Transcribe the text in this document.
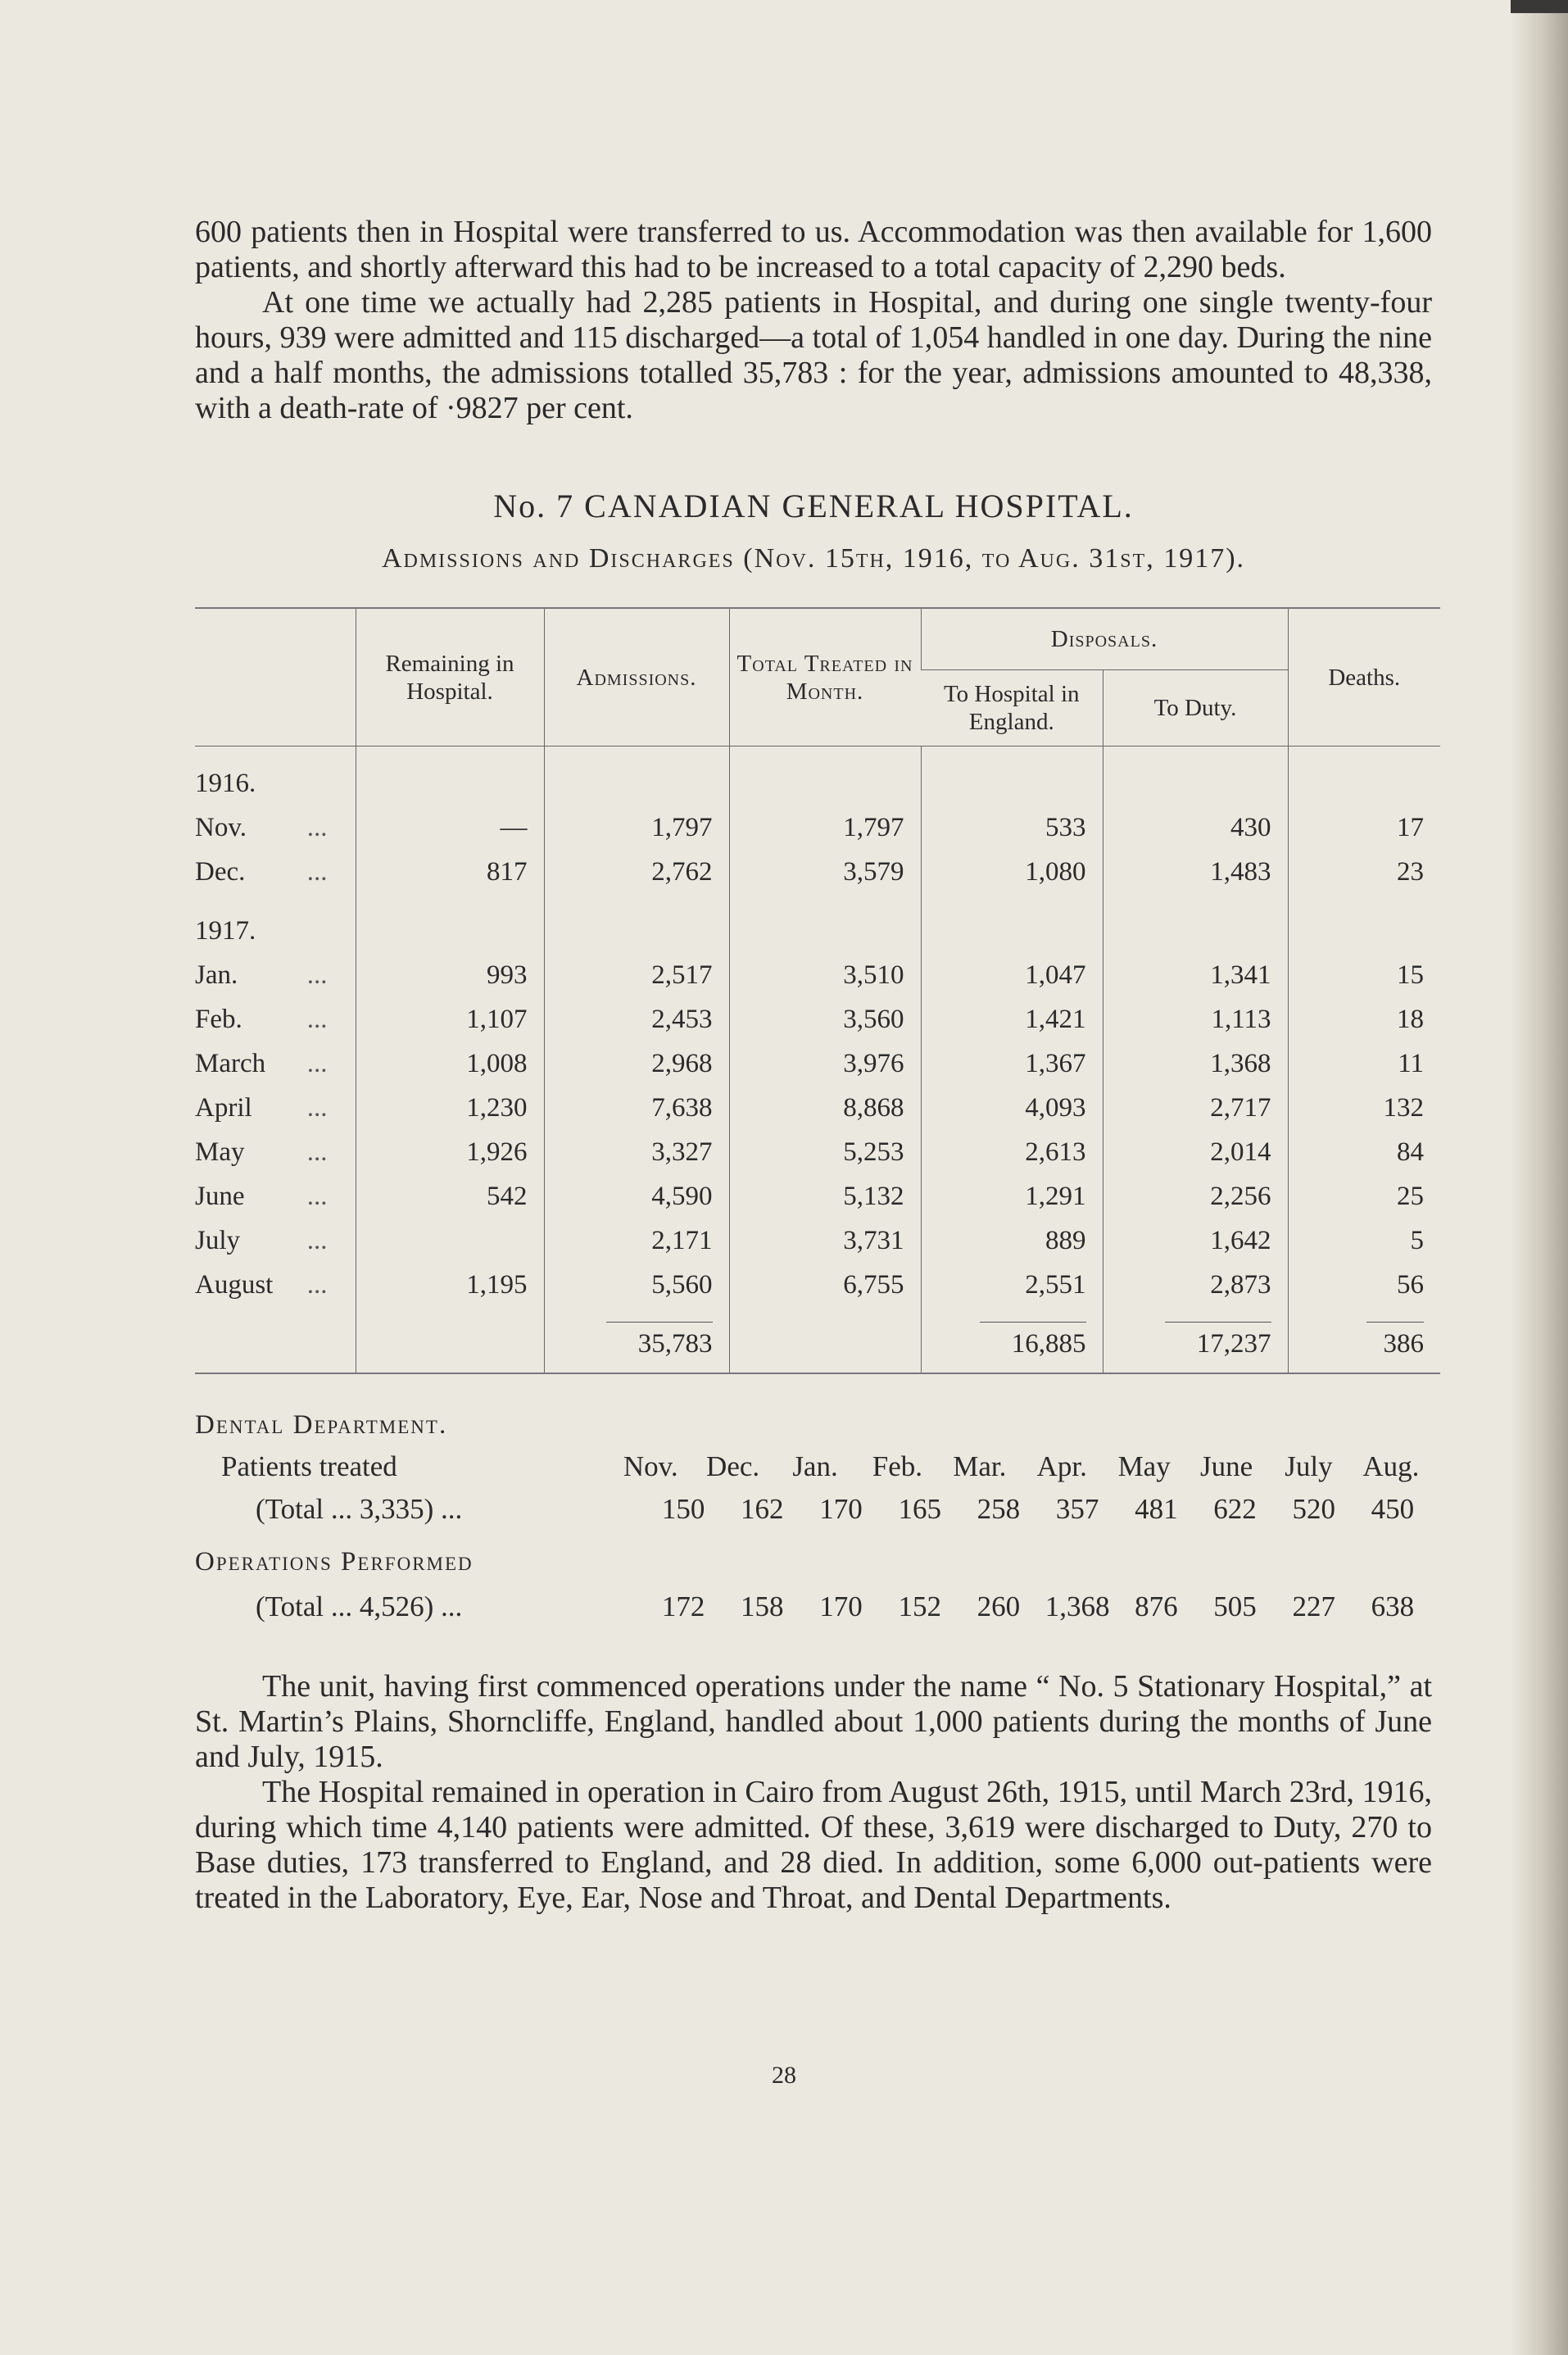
600 patients then in Hospital were transferred to us. Accommodation was then available for 1,600 patients, and shortly afterward this had to be increased to a total capacity of 2,290 beds.

At one time we actually had 2,285 patients in Hospital, and during one single twenty-four hours, 939 were admitted and 115 discharged—a total of 1,054 handled in one day. During the nine and a half months, the admissions totalled 35,783 : for the year, admissions amounted to 48,338, with a death-rate of ·9827 per cent.

No. 7 CANADIAN GENERAL HOSPITAL.
Admissions and Discharges (Nov. 15th, 1916, to Aug. 31st, 1917).
	Remaining in Hospital.	Admissions.	Total Treated in Month.	Disposals.		Deaths.
				To Hospital in England.	To Duty.	
1916.						
Nov. ...	—	1,797	1,797	533	430	17
Dec. ...	817	2,762	3,579	1,080	1,483	23
1917.						
Jan. ...	993	2,517	3,510	1,047	1,341	15
Feb. ...	1,107	2,453	3,560	1,421	1,113	18
March ...	1,008	2,968	3,976	1,367	1,368	11
April ...	1,230	7,638	8,868	4,093	2,717	132
May ...	1,926	3,327	5,253	2,613	2,014	84
June ...	542	4,590	5,132	1,291	2,256	25
July ...		2,171	3,731	889	1,642	5
August ...	1,195	5,560	6,755	2,551	2,873	56
		35,783		16,885	17,237	386
Dental Department.
Patients treated	Nov. Dec.	Jan.	Feb.	Mar.	Apr.	May	June	July	Aug.
(Total ... 3,335) ...	150	162	170	165	258	357	481	622	520	450
Operations Performed
(Total ... 4,526) ...	172	158	170	152	260 1,368 876	505	227	638

The unit, having first commenced operations under the name “ No. 5 Stationary Hospital,” at St. Martin’s Plains, Shorncliffe, England, handled about 1,000 patients during the months of June and July, 1915.

The Hospital remained in operation in Cairo from August 26th, 1915, until March 23rd, 1916, during which time 4,140 patients were admitted. Of these, 3,619 were discharged to Duty, 270 to Base duties, 173 transferred to England, and 28 died. In addition, some 6,000 out-patients were treated in the Laboratory, Eye, Ear, Nose and Throat, and Dental Departments.

28
